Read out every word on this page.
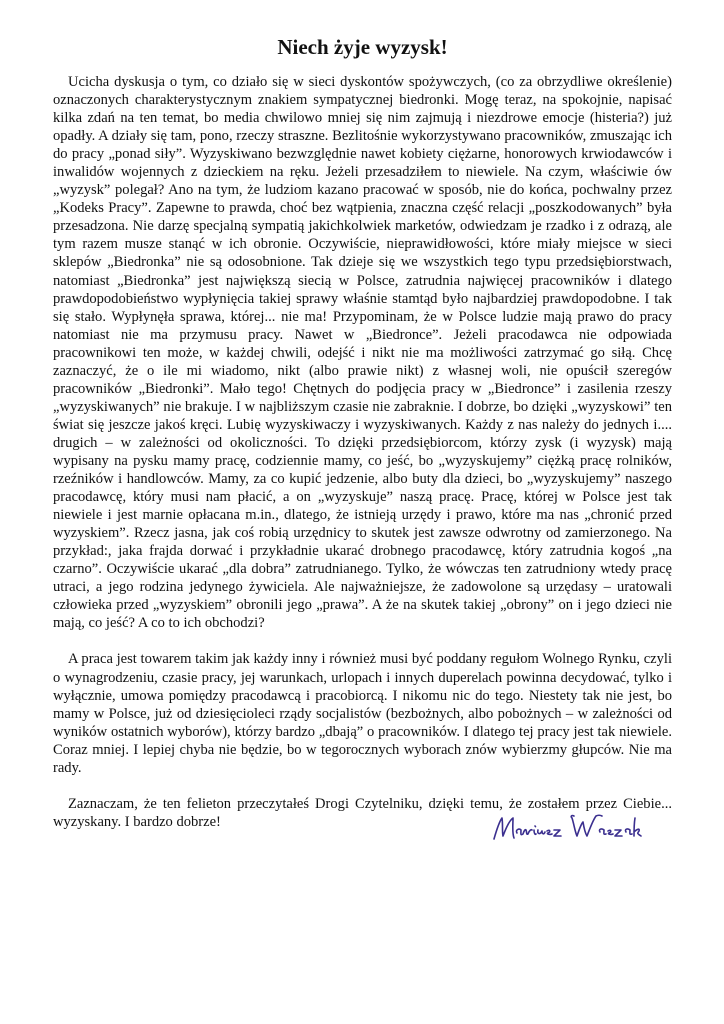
Niech żyje wyzysk!

Ucicha dyskusja o tym, co działo się w sieci dyskontów spożywczych, (co za obrzydliwe określenie) oznaczonych charakterystycznym znakiem sympatycznej biedronki. Mogę teraz, na spokojnie, napisać kilka zdań na ten temat, bo media chwilowo mniej się nim zajmują i niezdrowe emocje (histeria?) już opadły. A działy się tam, pono, rzeczy straszne. Bezlitośnie wykorzystywano pracowników, zmuszając ich do pracy „ponad siły”. Wyzyskiwano bezwzględnie nawet kobiety ciężarne, honorowych krwiodawców i inwalidów wojennych z dzieckiem na ręku. Jeżeli przesadziłem to niewiele. Na czym, właściwie ów „wyzysk” polegał? Ano na tym, że ludziom kazano pracować w sposób, nie do końca, pochwalny przez „Kodeks Pracy”. Zapewne to prawda, choć bez wątpienia, znaczna część relacji „poszkodowanych” była przesadzona. Nie darzę specjalną sympatią jakichkolwiek marketów, odwiedzam je rzadko i z odrazą, ale tym razem musze stanąć w ich obronie. Oczywiście, nieprawidłowości, które miały miejsce w sieci sklepów „Biedronka” nie są odosobnione. Tak dzieje się we wszystkich tego typu przedsiębiorstwach, natomiast „Biedronka” jest największą siecią w Polsce, zatrudnia najwięcej pracowników i dlatego prawdopodobieństwo wypłynięcia takiej sprawy właśnie stamtąd było najbardziej prawdopodobne. I tak się stało. Wypłynęła sprawa, której... nie ma! Przypominam, że w Polsce ludzie mają prawo do pracy natomiast nie ma przymusu pracy. Nawet w „Biedronce”. Jeżeli pracodawca nie odpowiada pracownikowi ten może, w każdej chwili, odejść i nikt nie ma możliwości zatrzymać go siłą. Chcę zaznaczyć, że o ile mi wiadomo, nikt (albo prawie nikt) z własnej woli, nie opuścił szeregów pracowników „Biedronki”. Mało tego! Chętnych do podjęcia pracy w „Biedronce” i zasilenia rzeszy „wyzyskiwanych” nie brakuje. I w najbliższym czasie nie zabraknie. I dobrze, bo dzięki „wyzyskowi” ten świat się jeszcze jakoś kręci. Lubię wyzyskiwaczy i wyzyskiwanych. Każdy z nas należy do jednych i.... drugich – w zależności od okoliczności. To dzięki przedsiębiorcom, którzy zysk (i wyzysk) mają wypisany na pysku mamy pracę, codziennie mamy, co jeść, bo „wyzyskujemy” ciężką pracę rolników, rzeźników i handlowców. Mamy, za co kupić jedzenie, albo buty dla dzieci, bo „wyzyskujemy” naszego pracodawcę, który musi nam płacić, a on „wyzyskuje” naszą pracę. Pracę, której w Polsce jest tak niewiele i jest marnie opłacana m.in., dlatego, że istnieją urzędy i prawo, które ma nas „chronić przed wyzyskiem”. Rzecz jasna, jak coś robią urzędnicy to skutek jest zawsze odwrotny od zamierzonego. Na przykład:, jaka frajda dorwać i przykładnie ukarać drobnego pracodawcę, który zatrudnia kogoś „na czarno”. Oczywiście ukarać „dla dobra” zatrudnianego. Tylko, że wówczas ten zatrudniony wtedy pracę utraci, a jego rodzina jedynego żywiciela. Ale najważniejsze, że zadowolone są urzędasy – uratowali człowieka przed „wyzyskiem” obronili jego „prawa”. A że na skutek takiej „obrony” on i jego dzieci nie mają, co jeść? A co to ich obchodzi?

A praca jest towarem takim jak każdy inny i również musi być poddany regułom Wolnego Rynku, czyli o wynagrodzeniu, czasie pracy, jej warunkach, urlopach i innych duperelach powinna decydować, tylko i wyłącznie, umowa pomiędzy pracodawcą i pracobiorcą. I nikomu nic do tego. Niestety tak nie jest, bo mamy w Polsce, już od dziesięcioleci rządy socjalistów (bezbożnych, albo pobożnych – w zależności od wyników ostatnich wyborów), którzy bardzo „dbają” o pracowników. I dlatego tej pracy jest tak niewiele. Coraz mniej. I lepiej chyba nie będzie, bo w tegorocznych wyborach znów wybierzmy głupców. Nie ma rady.

Zaznaczam, że ten felieton przeczytałeś Drogi Czytelniku, dzięki temu, że zostałem przez Ciebie... wyzyskany. I bardzo dobrze!
